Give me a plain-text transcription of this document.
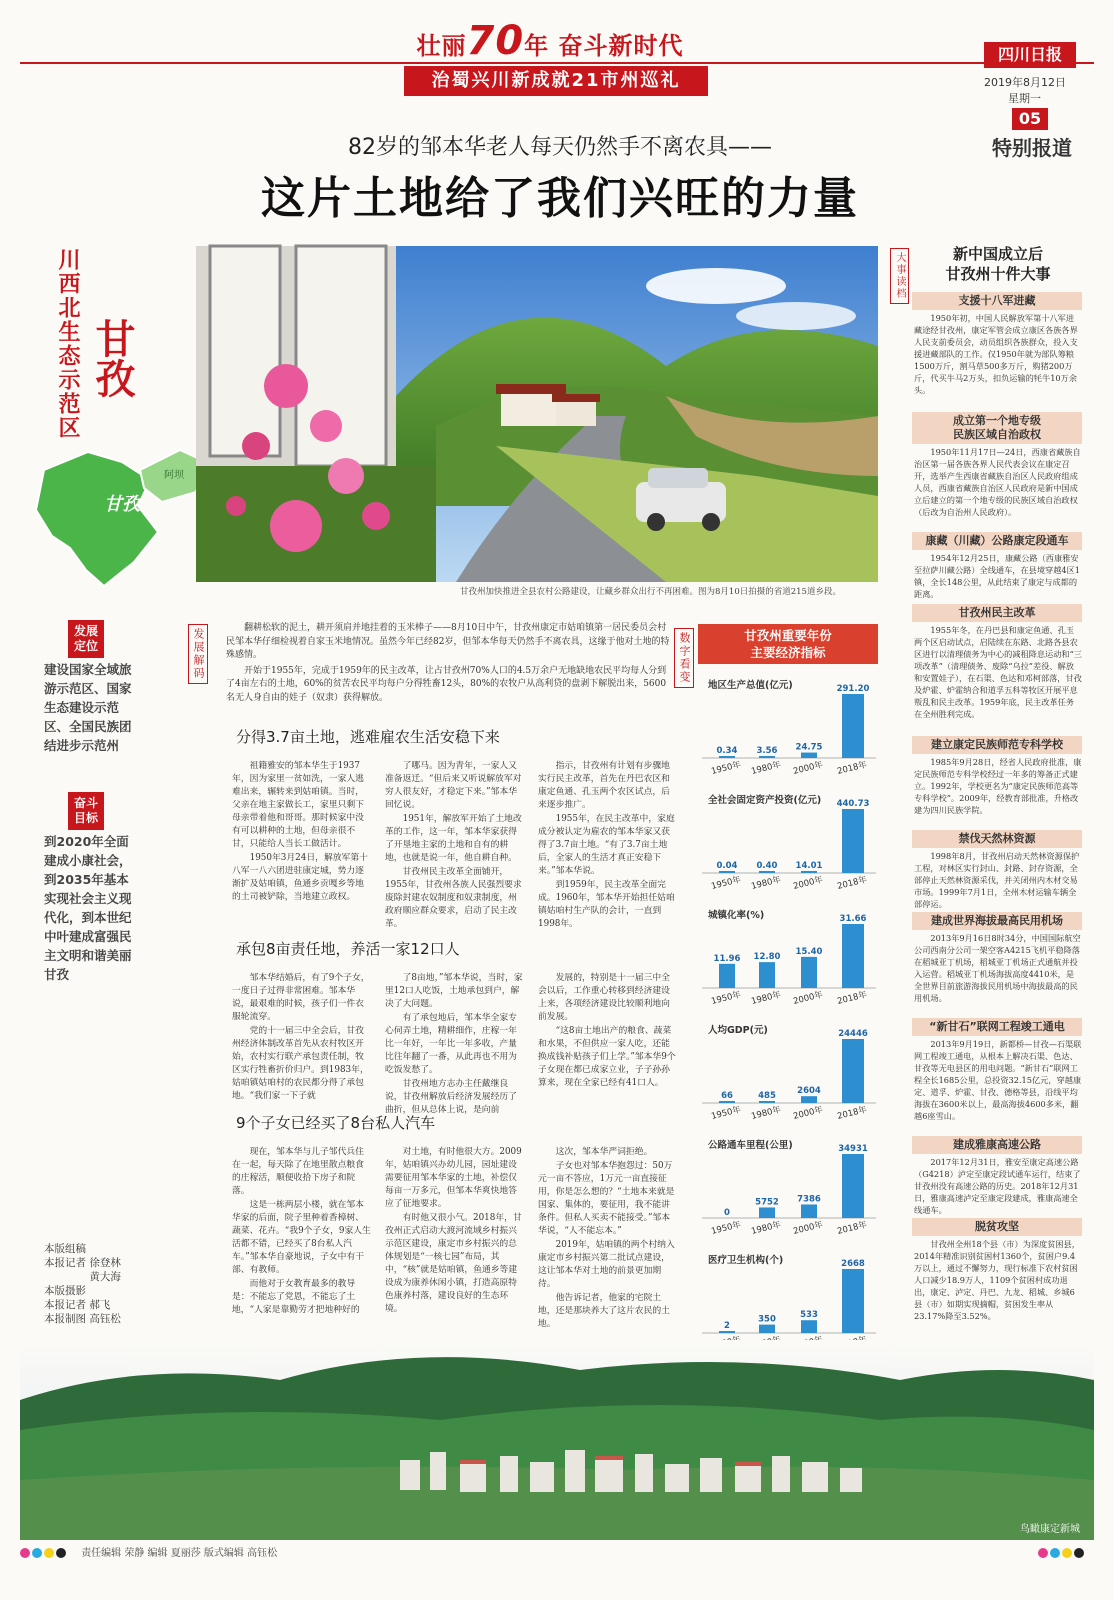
壮丽70年 奋斗新时代
治蜀兴川新成就21市州巡礼
四川日报
2019年8月12日
星期一
05
特别报道
82岁的邹本华老人每天仍然手不离农具——
这片土地给了我们兴旺的力量
川西北生态示范区 甘孜
甘孜
阿坝
发展定位
建设国家全域旅游示范区、国家生态建设示范区、全国民族团结进步示范州
奋斗目标
到2020年全面建成小康社会，到2035年基本实现社会主义现代化，到本世纪中叶建成富强民主文明和谐美丽甘孜
本版组稿
本报记者 徐登林
　　　　 黄大海
本版摄影
本报记者 郝飞
本报制图 高钰松
甘孜州加快推进全县农村公路建设，让藏乡群众出行不再困难。图为8月10日拍摄的省道215道乡段。
发展解码	翻耕松软的泥土，耕开须肩并地挂着的玉米棒子——8月10日中午，甘孜州康定市姑咱镇第一居民委员会村民邹本华仔细检视着自家玉米地情况。虽然今年已经82岁，但邹本华每天仍然手不离农具，这缘于他对土地的特殊感情。

开始于1955年，完成于1959年的民主改革，让占甘孜州70%人口的4.5万余户无地缺地农民平均每人分到了4亩左右的土地，60%的贫苦农民平均每户分得牲畜12头，80%的农牧户从高利贷的盘剥下解脱出来，5600名无人身自由的娃子（奴隶）获得解放。

分得3.7亩土地，逃难雇农生活安稳下来

祖籍雅安的邹本华生于1937年，因为家里一贫如洗，一家人逃难出来，辗转来到姑咱镇。当时，父亲在地主家做长工，家里只剩下母亲带着他和哥哥。那时候家中没有可以耕种的土地，但母亲很不甘，只能给人当长工做活计。

1950年3月24日，解放军第十八军一八六团进驻康定城，势力逐渐扩及姑咱镇，鱼通乡贡嘎乡等地的土司被铲除，当地建立政权。

了哪马。因为青年，一家人又准备返迁。“但后来又听说解放军对穷人很友好，才稳定下来。”邹本华回忆说。

1951年，解放军开始了土地改革的工作，这一年，邹本华家获得了开垦地主家的土地和自有的耕地，也就是说一年，他自耕自种。

甘孜州民主改革全面铺开，1955年，甘孜州各族人民强烈要求废除封建农奴制度和奴隶制度，州政府顺应群众要求，启动了民主改革。

指示，甘孜州有计划有步骤地实行民主改革，首先在丹巴农区和康定鱼通、孔玉两个农区试点，后来逐步推广。

1955年，在民主改革中，家庭成分被认定为雇农的邹本华家又获得了3.7亩土地。“有了3.7亩土地后，全家人的生活才真正安稳下来。”邹本华说。

到1959年，民主改革全面完成。1960年，邹本华开始担任姑咱镇姑咱村生产队的会计，一直到1998年。

承包8亩责任地，养活一家12口人

邹本华结婚后，有了9个子女，一度日子过得非常困难。邹本华说，最艰难的时候，孩子们一件衣服轮流穿。

党的十一届三中全会后，甘孜州经济体制改革首先从农村牧区开始，农村实行联产承包责任制，牧区实行牲畜折价归户。到1983年，姑咱镇姑咱村的农民都分得了承包地。“我们家一下子就

了8亩地，”邹本华说，当时，家里12口人吃饭，土地承包到户，解决了大问题。

有了承包地后，邹本华全家专心伺弄土地，精耕细作，庄稼一年比一年好，一年比一年多收，产量比往年翻了一番，从此再也不用为吃饭发愁了。

甘孜州地方志办主任戴继良说，甘孜州解放后经济发展经历了曲折，但从总体上说，是向前

发展的，特别是十一届三中全会以后，工作重心转移到经济建设上来，各项经济建设比较顺利地向前发展。

“这8亩土地出产的粮食、蔬菜和水果，不但供应一家人吃，还能换成钱补贴孩子们上学。”邹本华9个子女现在都已成家立业，子子孙孙算来，现在全家已经有41口人。

9个子女已经买了8台私人汽车

现在，邹本华与儿子邹代兵住在一起，每天除了在地里散点粮食的庄稼活，顺便收拾下房子和院落。

这是一栋两层小楼，就在邹本华家的后面，院子里种着香樟树、蔬菜、花卉。“我9个子女，9家人生活都不错，已经买了8台私人汽车。”邹本华自豪地说，子女中有干部、有教师。

而他对于女教育最多的教导是：不能忘了党恩，不能忘了土地，“人家是靠勤劳才把地种好的

对土地，有时他很大方。2009年，姑咱镇兴办幼儿园，园址建设需要征用邹本华家的土地，补偿仅每亩一万多元，但邹本华爽快地答应了征地要求。

有时他又很小气。2018年，甘孜州正式启动大渡河流域乡村振兴示范区建设，康定市乡村振兴的总体规划是“一核七园”布局，其中，“核”就是姑咱镇，鱼通乡等建设成为康养休闲小镇，打造高原特色康养村落，建设良好的生态环境。

这次，邹本华严词拒绝。

子女也对邹本华抱怨过：50万元一亩不答应，1万元一亩直接征用，你是怎么想的？“土地本来就是国家、集体的，要征用，我不能讲条件。但私人买卖不能接受。”邹本华说，“人不能忘本。”

2019年，姑咱镇的两个村纳入康定市乡村振兴第二批试点建设，这让邹本华对土地的前景更加期待。

他告诉记者，他家的宅院土地，还是那块养大了这片农民的土地。

数字看变	甘孜州重要年份
主要经济指标
地区生产总值(亿元)
0.34
1950年
3.56
1980年
24.75
2000年
291.20
2018年
全社会固定资产投资(亿元)
0.04
1950年
0.40
1980年
14.01
2000年
440.73
2018年
城镇化率(%)
11.96
1950年
12.80
1980年
15.40
2000年
31.66
2018年
人均GDP(元)
66
1950年
485
1980年
2604
2000年
24446
2018年
公路通车里程(公里)
0
1950年
5752
1980年
7386
2000年
34931
2018年
医疗卫生机构(个)
2
350	533
2668
大事读档	新中国成立后
甘孜州十件大事
支援十八军进藏
1950年初，中国人民解放军第十八军进藏途经甘孜州，康定军管会成立康区各族各界人民支前委员会，动员组织各族群众，投入支援进藏部队的工作。仅1950年就为部队筹粮1500万斤，割马草500多万斤，购猪200万斤，代买牛马2万头，扣负运输的牦牛10万余头。
成立第一个地专级
民族区域自治政权
1950年11月17日—24日，西康省藏族自治区第一届各族各界人民代表会议在康定召开，选举产生西康省藏族自治区人民政府组成人员，西康省藏族自治区人民政府是新中国成立后建立的第一个地专级的民族区域自治政权（后改为自治州人民政府）。
康藏（川藏）公路康定段通车
1954年12月25日，康藏公路（西康雅安至拉萨川藏公路）全线通车，在县境穿越4区1镇，全长148公里，从此结束了康定与成都的距离。
甘孜州民主改革
1955年冬，在丹巴县和康定鱼通、孔玉两个区启动试点，启陆续在东路、北路各县农区进行以清理债务为中心的减租降息运动和“三项改革”（清理债务、废除“乌拉”差役、解放和安置娃子），在石渠、色达和邓柯部落，甘孜及炉霍、炉霍纳合和道孚五科等牧区开展平息叛乱和民主改革。1959年底，民主改革任务在全州胜利完成。
建立康定民族师范专科学校
1985年9月28日，经省人民政府批准，康定民族师范专科学校经过一年多的筹备正式建立。1992年，学校更名为“康定民族师范高等专科学校”。2009年，经教育部批准，升格改建为四川民族学院。
禁伐天然林资源
1998年8月，甘孜州启动天然林资源保护工程，对林区实行封山、封路、封存资源，全部停止天然林资源采伐，并关闭州内木材交易市场。1999年7月1日，全州木材运输车辆全部停运。
建成世界海拔最高民用机场
2013年9月16日8时34分，中国国际航空公司西南分公司一架空客A4215飞机平稳降落在稻城亚丁机场，稻城亚丁机场正式通航并投入运营。稻城亚丁机场海拔高度4410米，是全世界目前旅游海拔民用机场中海拔最高的民用机场。
“新甘石”联网工程竣工通电
2013年9月19日，新都桥—甘孜—石渠联网工程竣工通电，从根本上解决石渠、色达、甘孜等无电县区的用电问题。“新甘石”联网工程全长1685公里，总投资32.15亿元，穿越康定、道孚、炉霍、甘孜、德格等县，沿线平均海拔在3600米以上，最高海拔4600多米，翻越6座雪山。
建成雅康高速公路
2017年12月31日，雅安至康定高速公路（G4218）泸定至康定段试通车运行，结束了甘孜州没有高速公路的历史。2018年12月31日，雅康高速泸定至康定段建成，雅康高速全线通车。
脱贫攻坚
甘孜州全州18个县（市）为深度贫困县，2014年精准识别贫困村1360个，贫困户9.4万以上，通过不懈努力，现行标准下农村贫困人口减少18.9万人，1109个贫困村成功退出，康定、泸定、丹巴、九龙、稻城、乡城6县（市）如期实现摘帽，贫困发生率从23.17%降至3.52%。
鸟瞰康定新城
责任编辑 荣静 编辑 夏丽莎 版式编辑 高钰松
